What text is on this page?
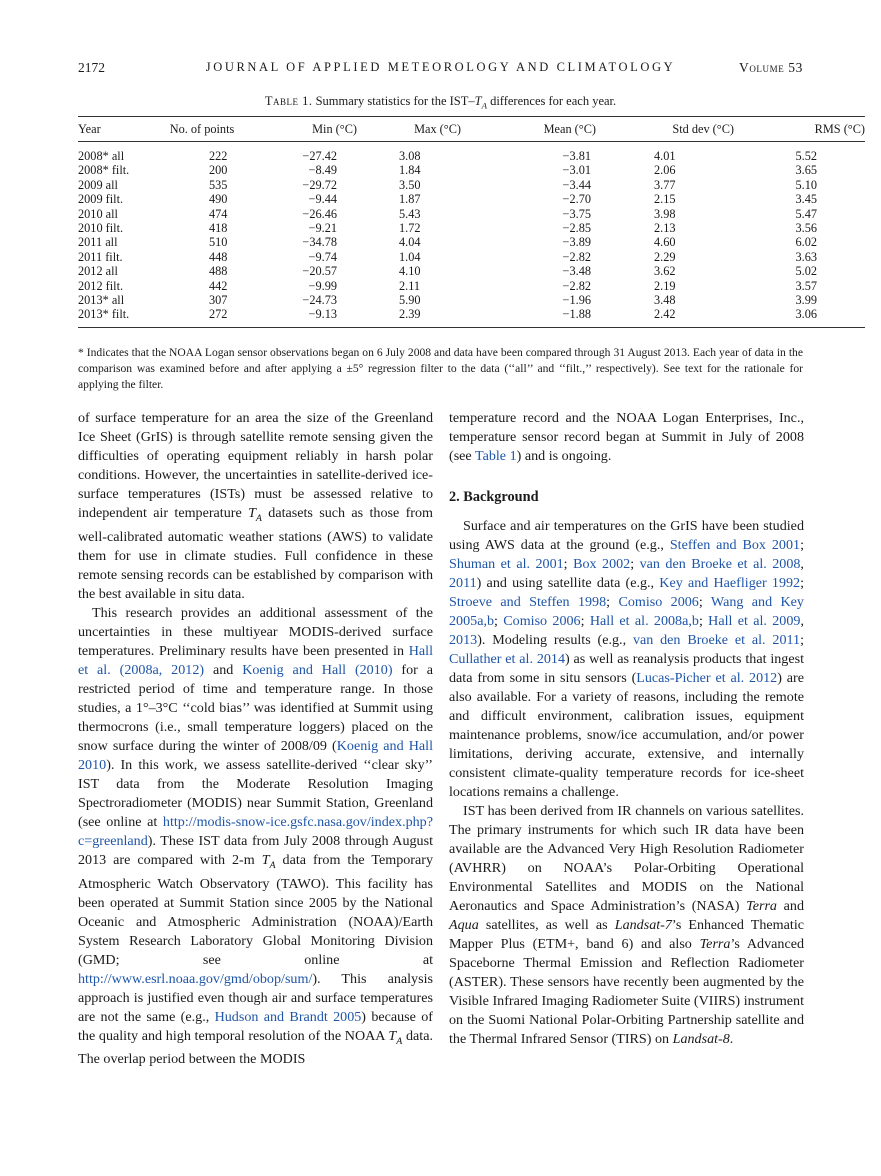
2172	JOURNAL OF APPLIED METEOROLOGY AND CLIMATOLOGY	Volume 53
Table 1. Summary statistics for the IST–$T_A$ differences for each year.
Year	No. of points	Min (°C)	Max (°C)	Mean (°C)	Std dev (°C)	RMS (°C)
2008* all	222	−27.42	3.08	−3.81	4.01	5.52
2008* filt.	200	−8.49	1.84	−3.01	2.06	3.65
2009 all	535	−29.72	3.50	−3.44	3.77	5.10
2009 filt.	490	−9.44	1.87	−2.70	2.15	3.45
2010 all	474	−26.46	5.43	−3.75	3.98	5.47
2010 filt.	418	−9.21	1.72	−2.85	2.13	3.56
2011 all	510	−34.78	4.04	−3.89	4.60	6.02
2011 filt.	448	−9.74	1.04	−2.82	2.29	3.63
2012 all	488	−20.57	4.10	−3.48	3.62	5.02
2012 filt.	442	−9.99	2.11	−2.82	2.19	3.57
2013* all	307	−24.73	5.90	−1.96	3.48	3.99
2013* filt.	272	−9.13	2.39	−1.88	2.42	3.06
* Indicates that the NOAA Logan sensor observations began on 6 July 2008 and data have been compared through 31 August 2013. Each year of data in the comparison was examined before and after applying a ±5° regression filter to the data (‘‘all’’ and ‘‘filt.,’’ respectively). See text for the rationale for applying the filter.

of surface temperature for an area the size of the Greenland Ice Sheet (GrIS) is through satellite remote sensing given the difficulties of operating equipment reliably in harsh polar conditions. However, the uncertainties in satellite-derived ice-surface temperatures (ISTs) must be assessed relative to independent air temperature $T_A$ datasets such as those from well-calibrated automatic weather stations (AWS) to validate them for use in climate studies. Full confidence in these remote sensing records can be established by comparison with the best available in situ data.

This research provides an additional assessment of the uncertainties in these multiyear MODIS-derived surface temperatures. Preliminary results have been presented in Hall et al. (2008a, 2012) and Koenig and Hall (2010) for a restricted period of time and temperature range. In those studies, a 1°–3°C ‘‘cold bias’’ was identified at Summit using thermocrons (i.e., small temperature loggers) placed on the snow surface during the winter of 2008/09 (Koenig and Hall 2010). In this work, we assess satellite-derived ‘‘clear sky’’ IST data from the Moderate Resolution Imaging Spectroradiometer (MODIS) near Summit Station, Greenland (see online at http://modis-snow-ice.gsfc.nasa.gov/index.php?c=greenland). These IST data from July 2008 through August 2013 are compared with 2-m $T_A$ data from the Temporary Atmospheric Watch Observatory (TAWO). This facility has been operated at Summit Station since 2005 by the National Oceanic and Atmospheric Administration (NOAA)/Earth System Research Laboratory Global Monitoring Division (GMD; see online at http://www.esrl.noaa.gov/gmd/obop/sum/). This analysis approach is justified even though air and surface temperatures are not the same (e.g., Hudson and Brandt 2005) because of the quality and high temporal resolution of the NOAA $T_A$ data. The overlap period between the MODIS

temperature record and the NOAA Logan Enterprises, Inc., temperature sensor record began at Summit in July of 2008 (see Table 1) and is ongoing.

2. Background

Surface and air temperatures on the GrIS have been studied using AWS data at the ground (e.g., Steffen and Box 2001; Shuman et al. 2001; Box 2002; van den Broeke et al. 2008, 2011) and using satellite data (e.g., Key and Haefliger 1992; Stroeve and Steffen 1998; Comiso 2006; Wang and Key 2005a,b; Comiso 2006; Hall et al. 2008a,b; Hall et al. 2009, 2013). Modeling results (e.g., van den Broeke et al. 2011; Cullather et al. 2014) as well as reanalysis products that ingest data from some in situ sensors (Lucas-Picher et al. 2012) are also available. For a variety of reasons, including the remote and difficult environment, calibration issues, equipment maintenance problems, snow/ice accumulation, and/or power limitations, deriving accurate, extensive, and internally consistent climate-quality temperature records for ice-sheet locations remains a challenge.

IST has been derived from IR channels on various satellites. The primary instruments for which such IR data have been available are the Advanced Very High Resolution Radiometer (AVHRR) on NOAA’s Polar-Orbiting Operational Environmental Satellites and MODIS on the National Aeronautics and Space Administration’s (NASA) Terra and Aqua satellites, as well as Landsat-7’s Enhanced Thematic Mapper Plus (ETM+, band 6) and also Terra’s Advanced Spaceborne Thermal Emission and Reflection Radiometer (ASTER). These sensors have recently been augmented by the Visible Infrared Imaging Radiometer Suite (VIIRS) instrument on the Suomi National Polar-Orbiting Partnership satellite and the Thermal Infrared Sensor (TIRS) on Landsat-8.
